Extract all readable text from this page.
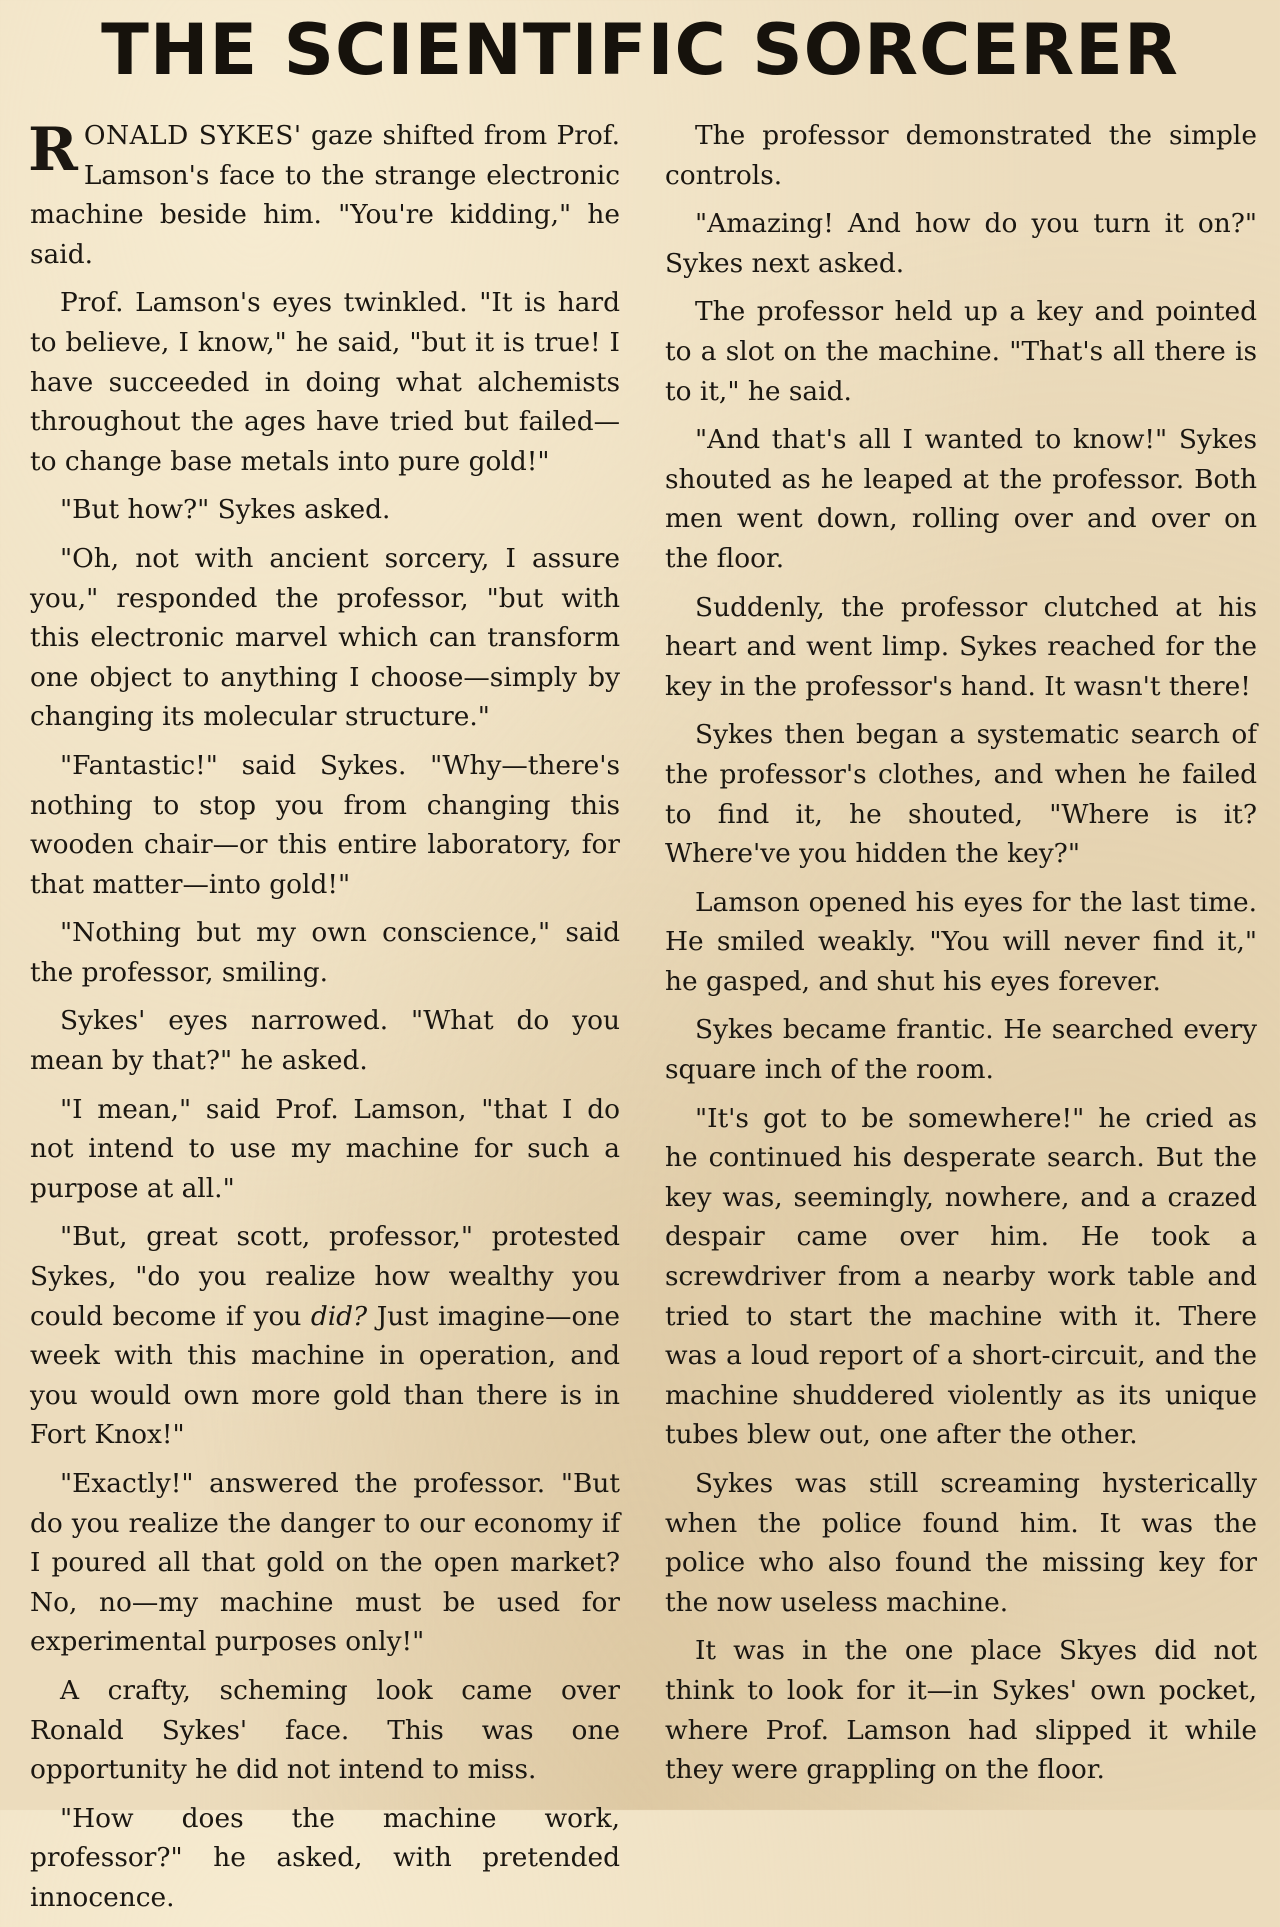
THE SCIENTIFIC SORCERER

RONALD SYKES' gaze shifted from Prof. Lamson's face to the strange electronic machine beside him. "You're kidding," he said.

Prof. Lamson's eyes twinkled. "It is hard to believe, I know," he said, "but it is true! I have succeeded in doing what alchemists throughout the ages have tried but failed—to change base metals into pure gold!"

"But how?" Sykes asked.

"Oh, not with ancient sorcery, I assure you," responded the professor, "but with this electronic marvel which can transform one object to anything I choose—simply by changing its molecular structure."

"Fantastic!" said Sykes. "Why—there's nothing to stop you from changing this wooden chair—or this entire laboratory, for that matter—into gold!"

"Nothing but my own conscience," said the professor, smiling.

Sykes' eyes narrowed. "What do you mean by that?" he asked.

"I mean," said Prof. Lamson, "that I do not intend to use my machine for such a purpose at all."

"But, great scott, professor," protested Sykes, "do you realize how wealthy you could become if you did? Just imagine—one week with this machine in operation, and you would own more gold than there is in Fort Knox!"

"Exactly!" answered the professor. "But do you realize the danger to our economy if I poured all that gold on the open market? No, no—my machine must be used for experimental purposes only!"

A crafty, scheming look came over Ronald Sykes' face. This was one opportunity he did not intend to miss.

"How does the machine work, professor?" he asked, with pretended innocence.

The professor demonstrated the simple controls.

"Amazing! And how do you turn it on?" Sykes next asked.

The professor held up a key and pointed to a slot on the machine. "That's all there is to it," he said.

"And that's all I wanted to know!" Sykes shouted as he leaped at the professor. Both men went down, rolling over and over on the floor.

Suddenly, the professor clutched at his heart and went limp. Sykes reached for the key in the professor's hand. It wasn't there!

Sykes then began a systematic search of the professor's clothes, and when he failed to find it, he shouted, "Where is it? Where've you hidden the key?"

Lamson opened his eyes for the last time. He smiled weakly. "You will never find it," he gasped, and shut his eyes forever.

Sykes became frantic. He searched every square inch of the room.

"It's got to be somewhere!" he cried as he continued his desperate search. But the key was, seemingly, nowhere, and a crazed despair came over him. He took a screwdriver from a nearby work table and tried to start the machine with it. There was a loud report of a short-circuit, and the machine shuddered violently as its unique tubes blew out, one after the other.

Sykes was still screaming hysterically when the police found him. It was the police who also found the missing key for the now useless machine.

It was in the one place Skyes did not think to look for it—in Sykes' own pocket, where Prof. Lamson had slipped it while they were grappling on the floor.
